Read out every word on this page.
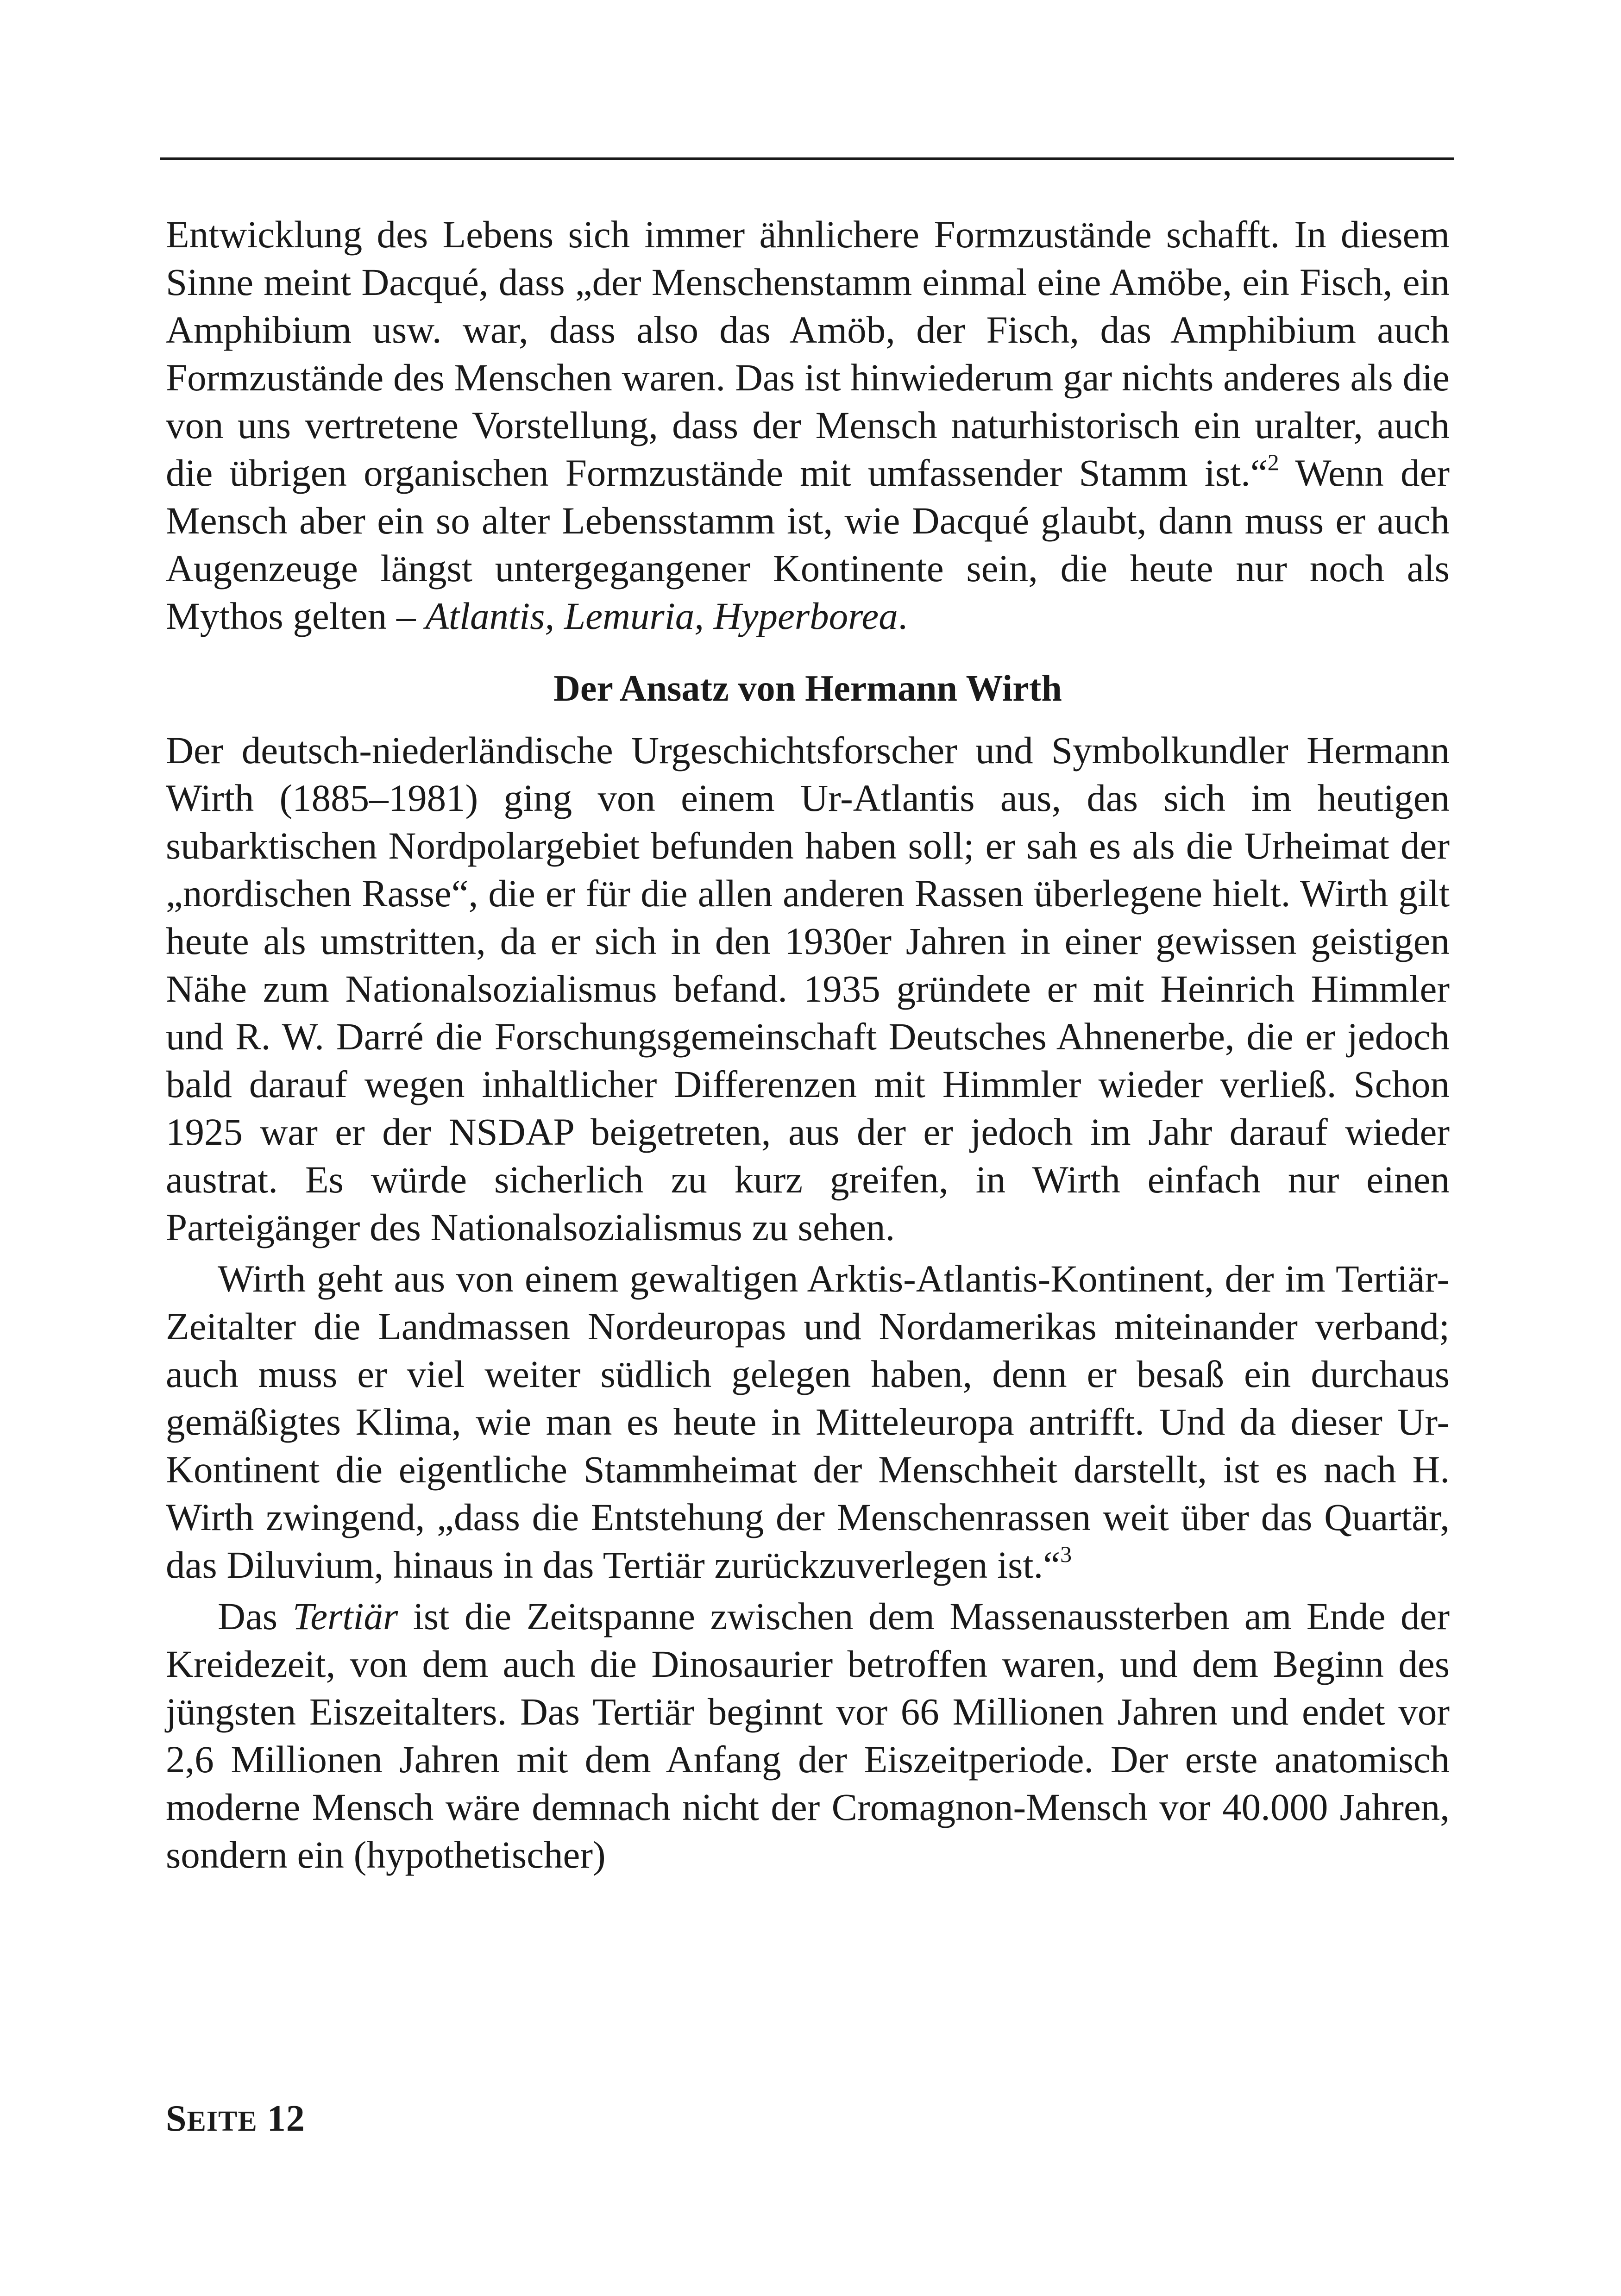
Entwicklung des Lebens sich immer ähnlichere Formzustände schafft. In diesem Sinne meint Dacqué, dass „der Menschenstamm einmal eine Amöbe, ein Fisch, ein Amphibium usw. war, dass also das Amöb, der Fisch, das Amphibium auch Formzustände des Menschen waren. Das ist hinwiederum gar nichts anderes als die von uns vertretene Vorstellung, dass der Mensch naturhistorisch ein uralter, auch die übrigen organischen Formzustände mit umfassender Stamm ist.“$^2$ Wenn der Mensch aber ein so alter Lebensstamm ist, wie Dacqué glaubt, dann muss er auch Augenzeuge längst untergegangener Kontinente sein, die heute nur noch als Mythos gelten – Atlantis, Lemuria, Hyperborea.

Der Ansatz von Hermann Wirth

Der deutsch-niederländische Urgeschichtsforscher und Symbolkundler Hermann Wirth (1885–1981) ging von einem Ur-Atlantis aus, das sich im heutigen subarktischen Nordpolargebiet befunden haben soll; er sah es als die Urheimat der „nordischen Rasse“, die er für die allen anderen Rassen überlegene hielt. Wirth gilt heute als umstritten, da er sich in den 1930er Jahren in einer gewissen geistigen Nähe zum Nationalsozialismus befand. 1935 gründete er mit Heinrich Himmler und R. W. Darré die Forschungsgemeinschaft Deutsches Ahnenerbe, die er jedoch bald darauf wegen inhaltlicher Differenzen mit Himmler wieder verließ. Schon 1925 war er der NSDAP beigetreten, aus der er jedoch im Jahr darauf wieder austrat. Es würde sicherlich zu kurz greifen, in Wirth einfach nur einen Parteigänger des Nationalsozialismus zu sehen.

Wirth geht aus von einem gewaltigen Arktis-Atlantis-Kontinent, der im Tertiär-Zeitalter die Landmassen Nordeuropas und Nordamerikas miteinander verband; auch muss er viel weiter südlich gelegen haben, denn er besaß ein durchaus gemäßigtes Klima, wie man es heute in Mitteleuropa antrifft. Und da dieser Ur-Kontinent die eigentliche Stammheimat der Menschheit darstellt, ist es nach H. Wirth zwingend, „dass die Entstehung der Menschenrassen weit über das Quartär, das Diluvium, hinaus in das Tertiär zurückzuverlegen ist.“$^3$

Das Tertiär ist die Zeitspanne zwischen dem Massenaussterben am Ende der Kreidezeit, von dem auch die Dinosaurier betroffen waren, und dem Beginn des jüngsten Eiszeitalters. Das Tertiär beginnt vor 66 Millionen Jahren und endet vor 2,6 Millionen Jahren mit dem Anfang der Eiszeitperiode. Der erste anatomisch moderne Mensch wäre demnach nicht der Cromagnon-Mensch vor 40.000 Jahren, sondern ein (hypothetischer)

SEITE 12
